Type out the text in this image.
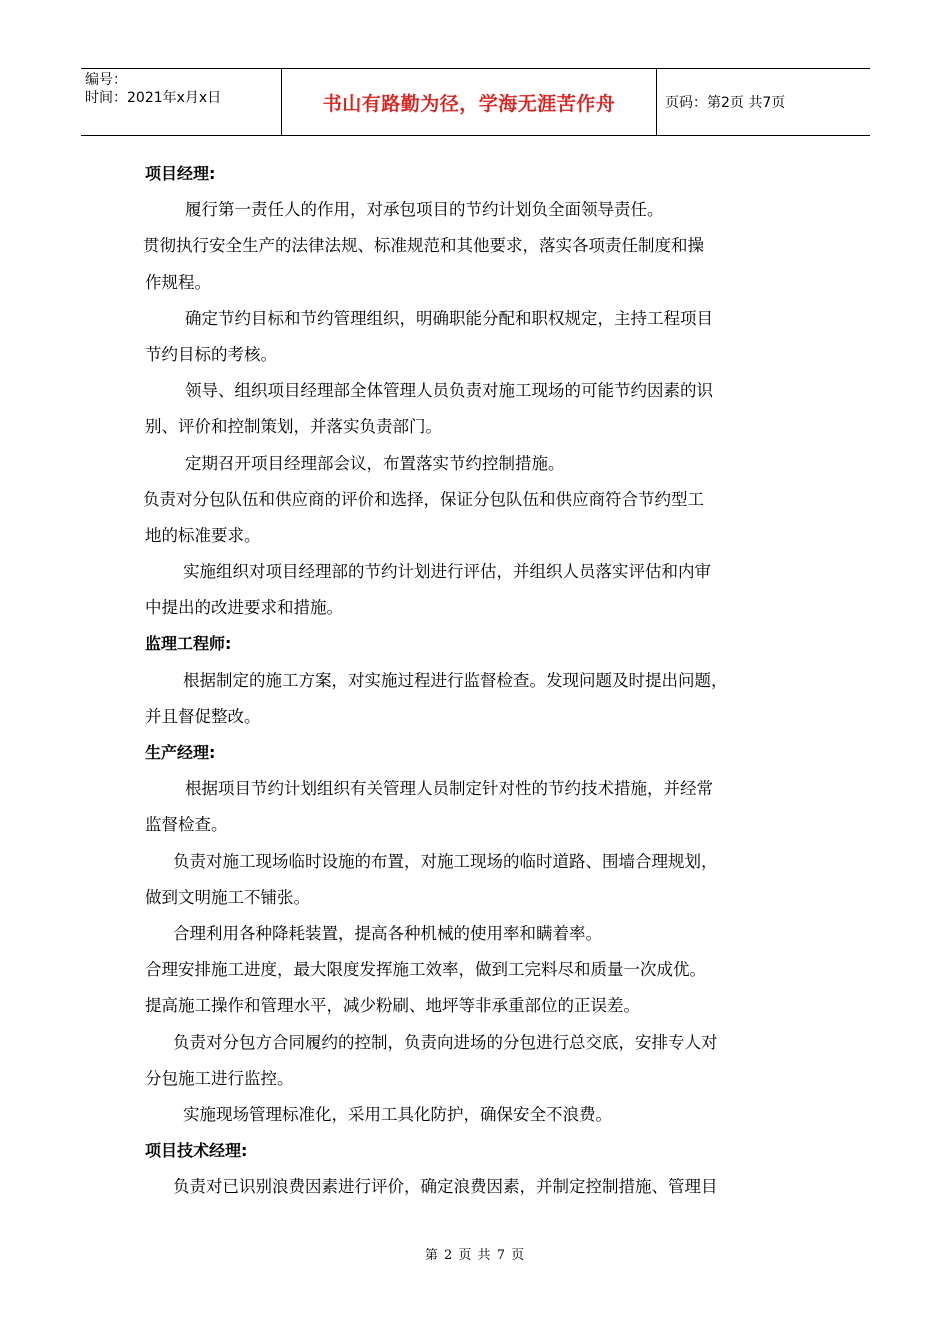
编号：
时间：2021年x月x日	书山有路勤为径，学海无涯苦作舟	页码：第2页 共7页
项目经理:
履行第一责任人的作用，对承包项目的节约计划负全面领导责任。
贯彻执行安全生产的法律法规、标准规范和其他要求，落实各项责任制度和操
作规程。
确定节约目标和节约管理组织，明确职能分配和职权规定，主持工程项目
节约目标的考核。
领导、组织项目经理部全体管理人员负责对施工现场的可能节约因素的识
别、评价和控制策划，并落实负责部门。
定期召开项目经理部会议，布置落实节约控制措施。
负责对分包队伍和供应商的评价和选择，保证分包队伍和供应商符合节约型工
地的标准要求。
实施组织对项目经理部的节约计划进行评估，并组织人员落实评估和内审
中提出的改进要求和措施。
监理工程师:
根据制定的施工方案，对实施过程进行监督检查。发现问题及时提出问题，
并且督促整改。
生产经理:
根据项目节约计划组织有关管理人员制定针对性的节约技术措施，并经常
监督检查。
负责对施工现场临时设施的布置，对施工现场的临时道路、围墙合理规划，
做到文明施工不铺张。
合理利用各种降耗装置，提高各种机械的使用率和瞒着率。
合理安排施工进度，最大限度发挥施工效率，做到工完料尽和质量一次成优。
提高施工操作和管理水平，减少粉刷、地坪等非承重部位的正误差。
负责对分包方合同履约的控制，负责向进场的分包进行总交底，安排专人对
分包施工进行监控。
实施现场管理标准化，采用工具化防护，确保安全不浪费。
项目技术经理:
负责对已识别浪费因素进行评价，确定浪费因素，并制定控制措施、管理目
第 2 页 共 7 页
